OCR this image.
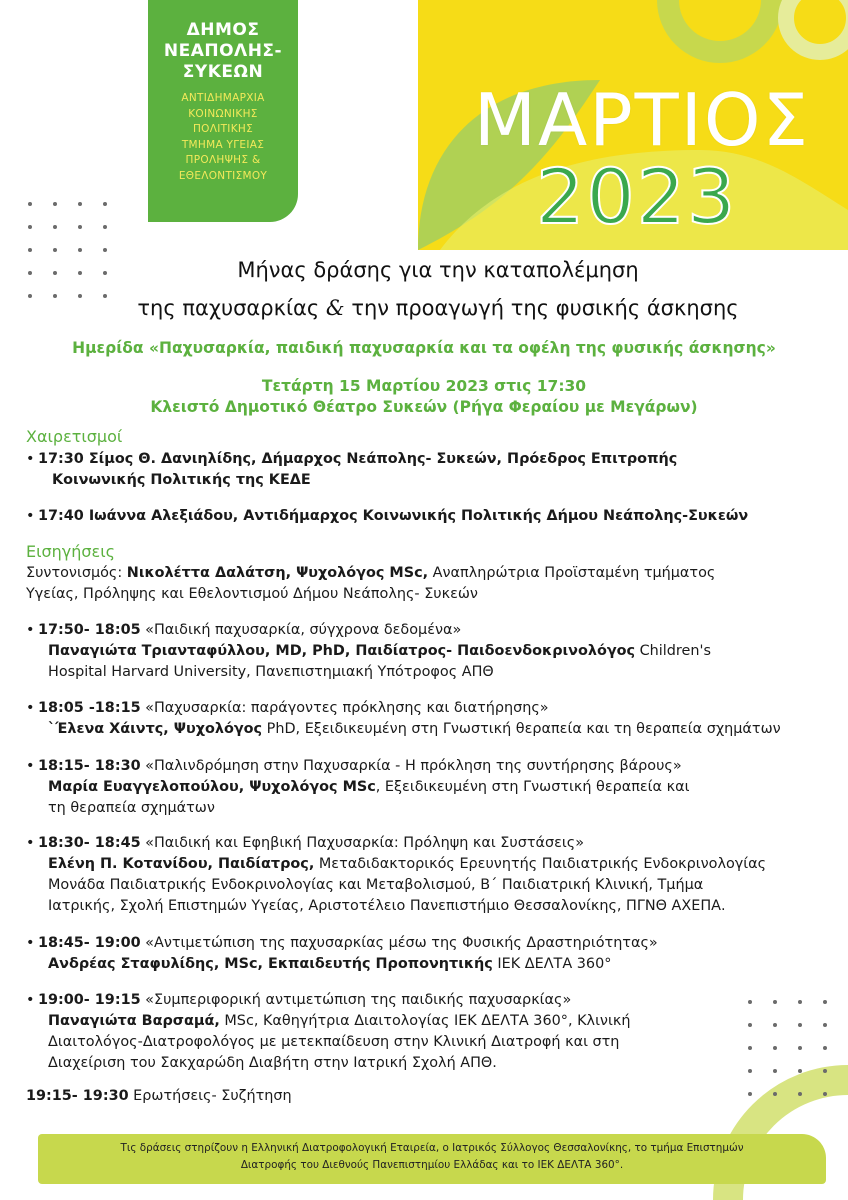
ΔΗΜΟΣ
ΝΕΑΠΟΛΗΣ-
ΣΥΚΕΩΝ
ΑΝΤΙΔΗΜΑΡΧΙΑ
ΚΟΙΝΩΝΙΚΗΣ
ΠΟΛΙΤΙΚΗΣ
ΤΜΗΜΑ ΥΓΕΙΑΣ
ΠΡΟΛΗΨΗΣ &
ΕΘΕΛΟΝΤΙΣΜΟΥ
ΜΑΡΤΙΟΣ
2023
Μήνας δράσης για την καταπολέμηση
της παχυσαρκίας & την προαγωγή της φυσικής άσκησης
Ημερίδα «Παχυσαρκία, παιδική παχυσαρκία και τα οφέλη της φυσικής άσκησης»
Τετάρτη 15 Μαρτίου 2023 στις 17:30
Κλειστό Δημοτικό Θέατρο Συκεών (Ρήγα Φεραίου με Μεγάρων)
Χαιρετισμοί
• 17:30 Σίμος Θ. Δανιηλίδης, Δήμαρχος Νεάπολης- Συκεών, Πρόεδρος Επιτροπής
Κοινωνικής Πολιτικής της ΚΕΔΕ
• 17:40 Ιωάννα Αλεξιάδου, Αντιδήμαρχος Κοινωνικής Πολιτικής Δήμου Νεάπολης-Συκεών
Εισηγήσεις
Συντονισμός: Νικολέττα Δαλάτση, Ψυχολόγος MSc, Αναπληρώτρια Προϊσταμένη τμήματος
Υγείας, Πρόληψης και Εθελοντισμού Δήμου Νεάπολης- Συκεών
• 17:50- 18:05 «Παιδική παχυσαρκία, σύγχρονα δεδομένα»
Παναγιώτα Τριανταφύλλου, MD, PhD, Παιδίατρος- Παιδοενδοκρινολόγος Children's
Hospital Harvard University, Πανεπιστημιακή Υπότροφος ΑΠΘ
• 18:05 -18:15 «Παχυσαρκία: παράγοντες πρόκλησης και διατήρησης»
`Έλενα Χάιντς, Ψυχολόγος PhD, Εξειδικευμένη στη Γνωστική θεραπεία και τη θεραπεία σχημάτων
• 18:15- 18:30 «Παλινδρόμηση στην Παχυσαρκία - Η πρόκληση της συντήρησης βάρους»
Μαρία Ευαγγελοπούλου, Ψυχολόγος MSc, Εξειδικευμένη στη Γνωστική θεραπεία και
τη θεραπεία σχημάτων
• 18:30- 18:45 «Παιδική και Εφηβική Παχυσαρκία: Πρόληψη και Συστάσεις»
Ελένη Π. Κοτανίδου, Παιδίατρος, Μεταδιδακτορικός Ερευνητής Παιδιατρικής Ενδοκρινολογίας
Μονάδα Παιδιατρικής Ενδοκρινολογίας και Μεταβολισμού, Β΄ Παιδιατρική Κλινική, Τμήμα
Ιατρικής, Σχολή Επιστημών Υγείας, Αριστοτέλειο Πανεπιστήμιο Θεσσαλονίκης, ΠΓΝΘ ΑΧΕΠΑ.
• 18:45- 19:00 «Αντιμετώπιση της παχυσαρκίας μέσω της Φυσικής Δραστηριότητας»
Ανδρέας Σταφυλίδης, MSc, Εκπαιδευτής Προπονητικής ΙΕΚ ΔΕΛΤΑ 360°
• 19:00- 19:15 «Συμπεριφορική αντιμετώπιση της παιδικής παχυσαρκίας»
Παναγιώτα Βαρσαμά, MSc, Καθηγήτρια Διαιτολογίας ΙΕΚ ΔΕΛΤΑ 360°, Κλινική
Διαιτολόγος-Διατροφολόγος με μετεκπαίδευση στην Κλινική Διατροφή και στη
Διαχείριση του Σακχαρώδη Διαβήτη στην Ιατρική Σχολή ΑΠΘ.
19:15- 19:30 Ερωτήσεις- Συζήτηση
Τις δράσεις στηρίζουν η Ελληνική Διατροφολογική Εταιρεία, ο Ιατρικός Σύλλογος Θεσσαλονίκης, το τμήμα Επιστημών
Διατροφής του Διεθνούς Πανεπιστημίου Ελλάδας και το ΙΕΚ ΔΕΛΤΑ 360°.
